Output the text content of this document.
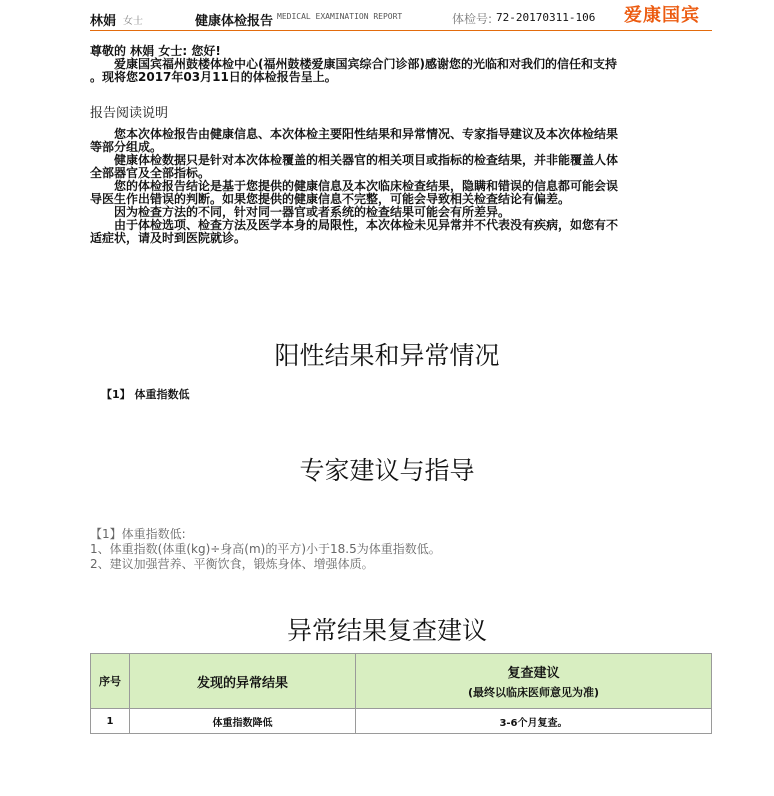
林娟 女士	健康体检报告 MEDICAL EXAMINATION REPORT	体检号: 72-20170311-106 爱康国宾
尊敬的 林娟 女士: 您好!
　　爱康国宾福州鼓楼体检中心(福州鼓楼爱康国宾综合门诊部)感谢您的光临和对我们的信任和支持
。现将您2017年03月11日的体检报告呈上。
报告阅读说明
　　您本次体检报告由健康信息、本次体检主要阳性结果和异常情况、专家指导建议及本次体检结果
等部分组成。
　　健康体检数据只是针对本次体检覆盖的相关器官的相关项目或指标的检查结果，并非能覆盖人体
全部器官及全部指标。
　　您的体检报告结论是基于您提供的健康信息及本次临床检查结果，隐瞒和错误的信息都可能会误
导医生作出错误的判断。如果您提供的健康信息不完整，可能会导致相关检查结论有偏差。
　　因为检查方法的不同，针对同一器官或者系统的检查结果可能会有所差异。
　　由于体检选项、检查方法及医学本身的局限性，本次体检未见异常并不代表没有疾病，如您有不
适症状，请及时到医院就诊。
阳性结果和异常情况
【1】 体重指数低
专家建议与指导
【1】体重指数低:
1、体重指数(体重(kg)÷身高(m)的平方)小于18.5为体重指数低。
2、建议加强营养、平衡饮食，锻炼身体、增强体质。
异常结果复查建议
序号	发现的异常结果	复查建议
(最终以临床医师意见为准)

1	体重指数降低	3-6个月复查。
